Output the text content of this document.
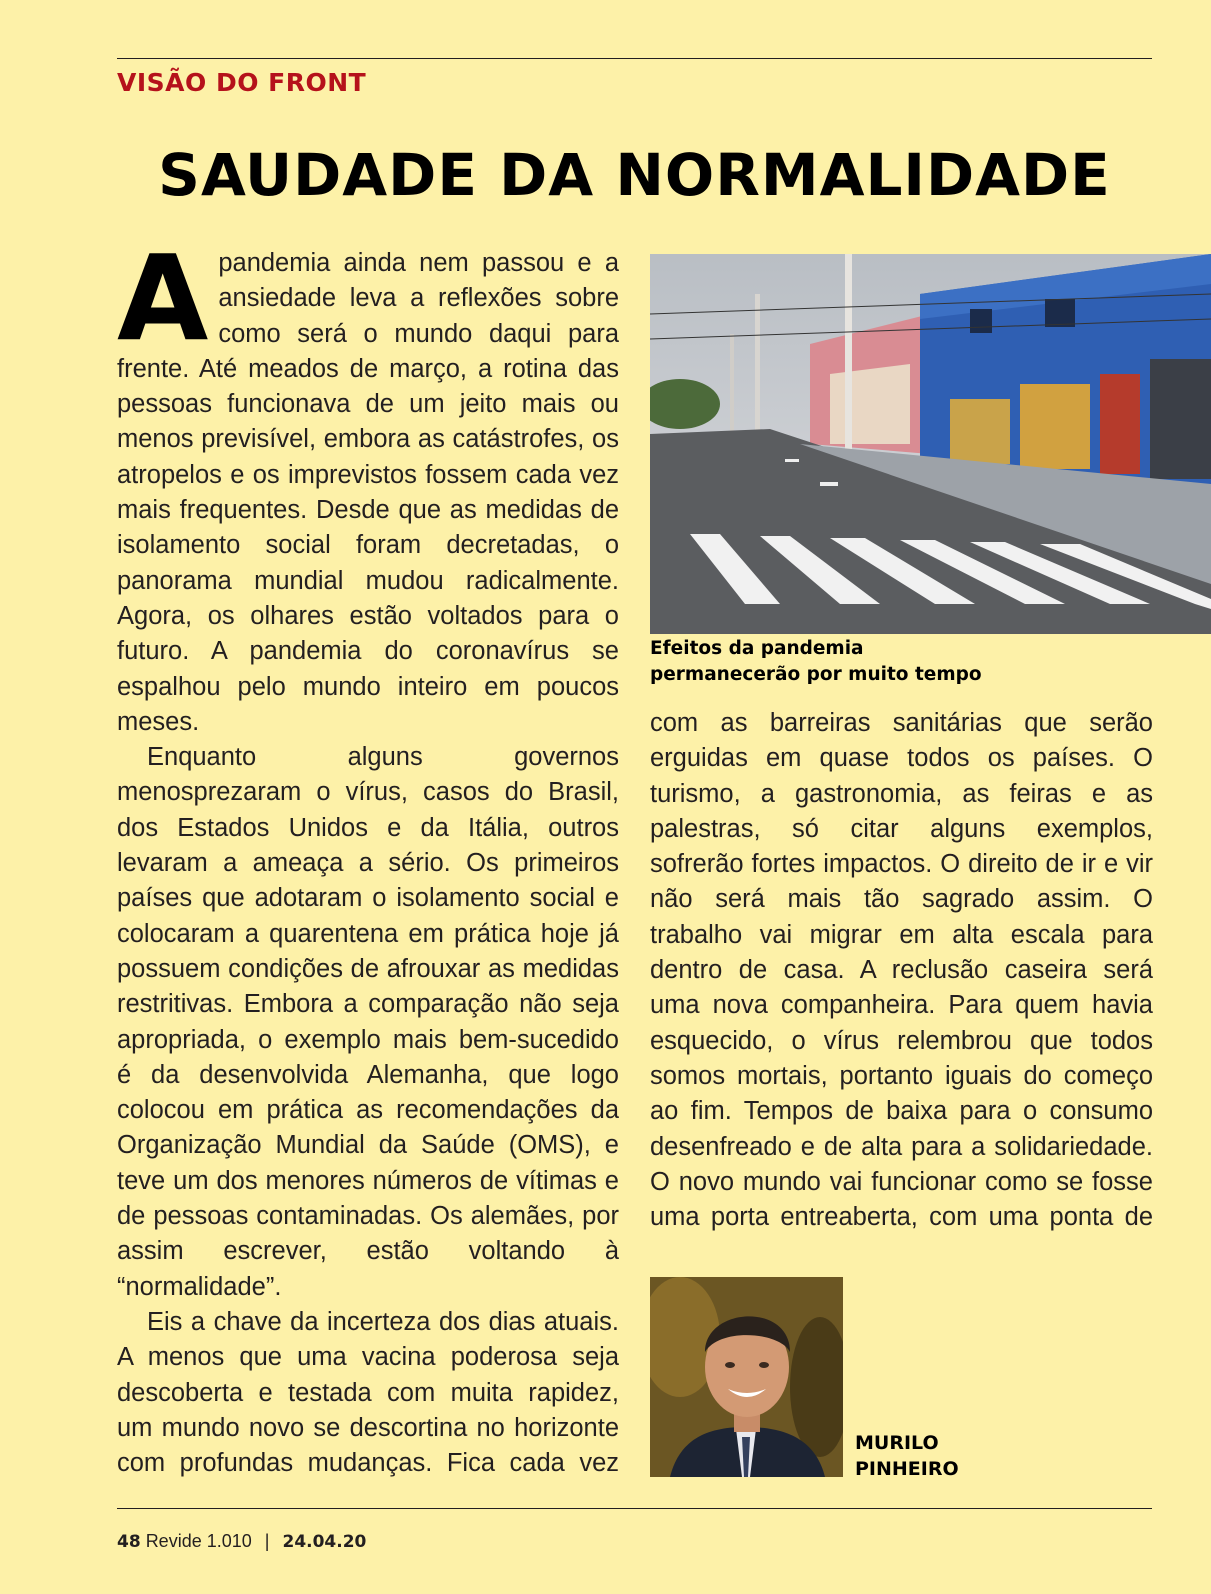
VISÃO DO FRONT
SAUDADE DA NORMALIDADE

A pandemia ainda nem passou e a ansiedade leva a reflexões sobre como será o mundo daqui para frente. Até meados de março, a rotina das pessoas funcionava de um jeito mais ou menos previsível, embora as catástrofes, os atropelos e os imprevistos fossem cada vez mais frequentes. Desde que as medidas de isolamento social foram decretadas, o panorama mundial mudou radicalmente. Agora, os olhares estão voltados para o futuro. A pandemia do coronavírus se espalhou pelo mundo inteiro em poucos meses.

Enquanto alguns governos menosprezaram o vírus, casos do Brasil, dos Estados Unidos e da Itália, outros levaram a ameaça a sério. Os primeiros países que adotaram o isolamento social e colocaram a quarentena em prática hoje já possuem condições de afrouxar as medidas restritivas. Embora a comparação não seja apropriada, o exemplo mais bem-sucedido é da desenvolvida Alemanha, que logo colocou em prática as recomendações da Organização Mundial da Saúde (OMS), e teve um dos menores números de vítimas e de pessoas contaminadas. Os alemães, por assim escrever, estão voltando à “normalidade”.

Eis a chave da incerteza dos dias atuais. A menos que uma vacina poderosa seja descoberta e testada com muita rapidez, um mundo novo se descortina no horizonte com profundas mudanças. Fica cada vez

Efeitos da pandemia
permanecerão por muito tempo

com as barreiras sanitárias que serão erguidas em quase todos os países. O turismo, a gastronomia, as feiras e as palestras, só citar alguns exemplos, sofrerão fortes impactos. O direito de ir e vir não será mais tão sagrado assim. O trabalho vai migrar em alta escala para dentro de casa. A reclusão caseira será uma nova companheira. Para quem havia esquecido, o vírus relembrou que todos somos mortais, portanto iguais do começo ao fim. Tempos de baixa para o consumo desenfreado e de alta para a solidariedade. O novo mundo vai funcionar como se fosse uma porta entreaberta, com uma ponta de

MURILO
PINHEIRO
48 Revide 1.010 | 24.04.20
